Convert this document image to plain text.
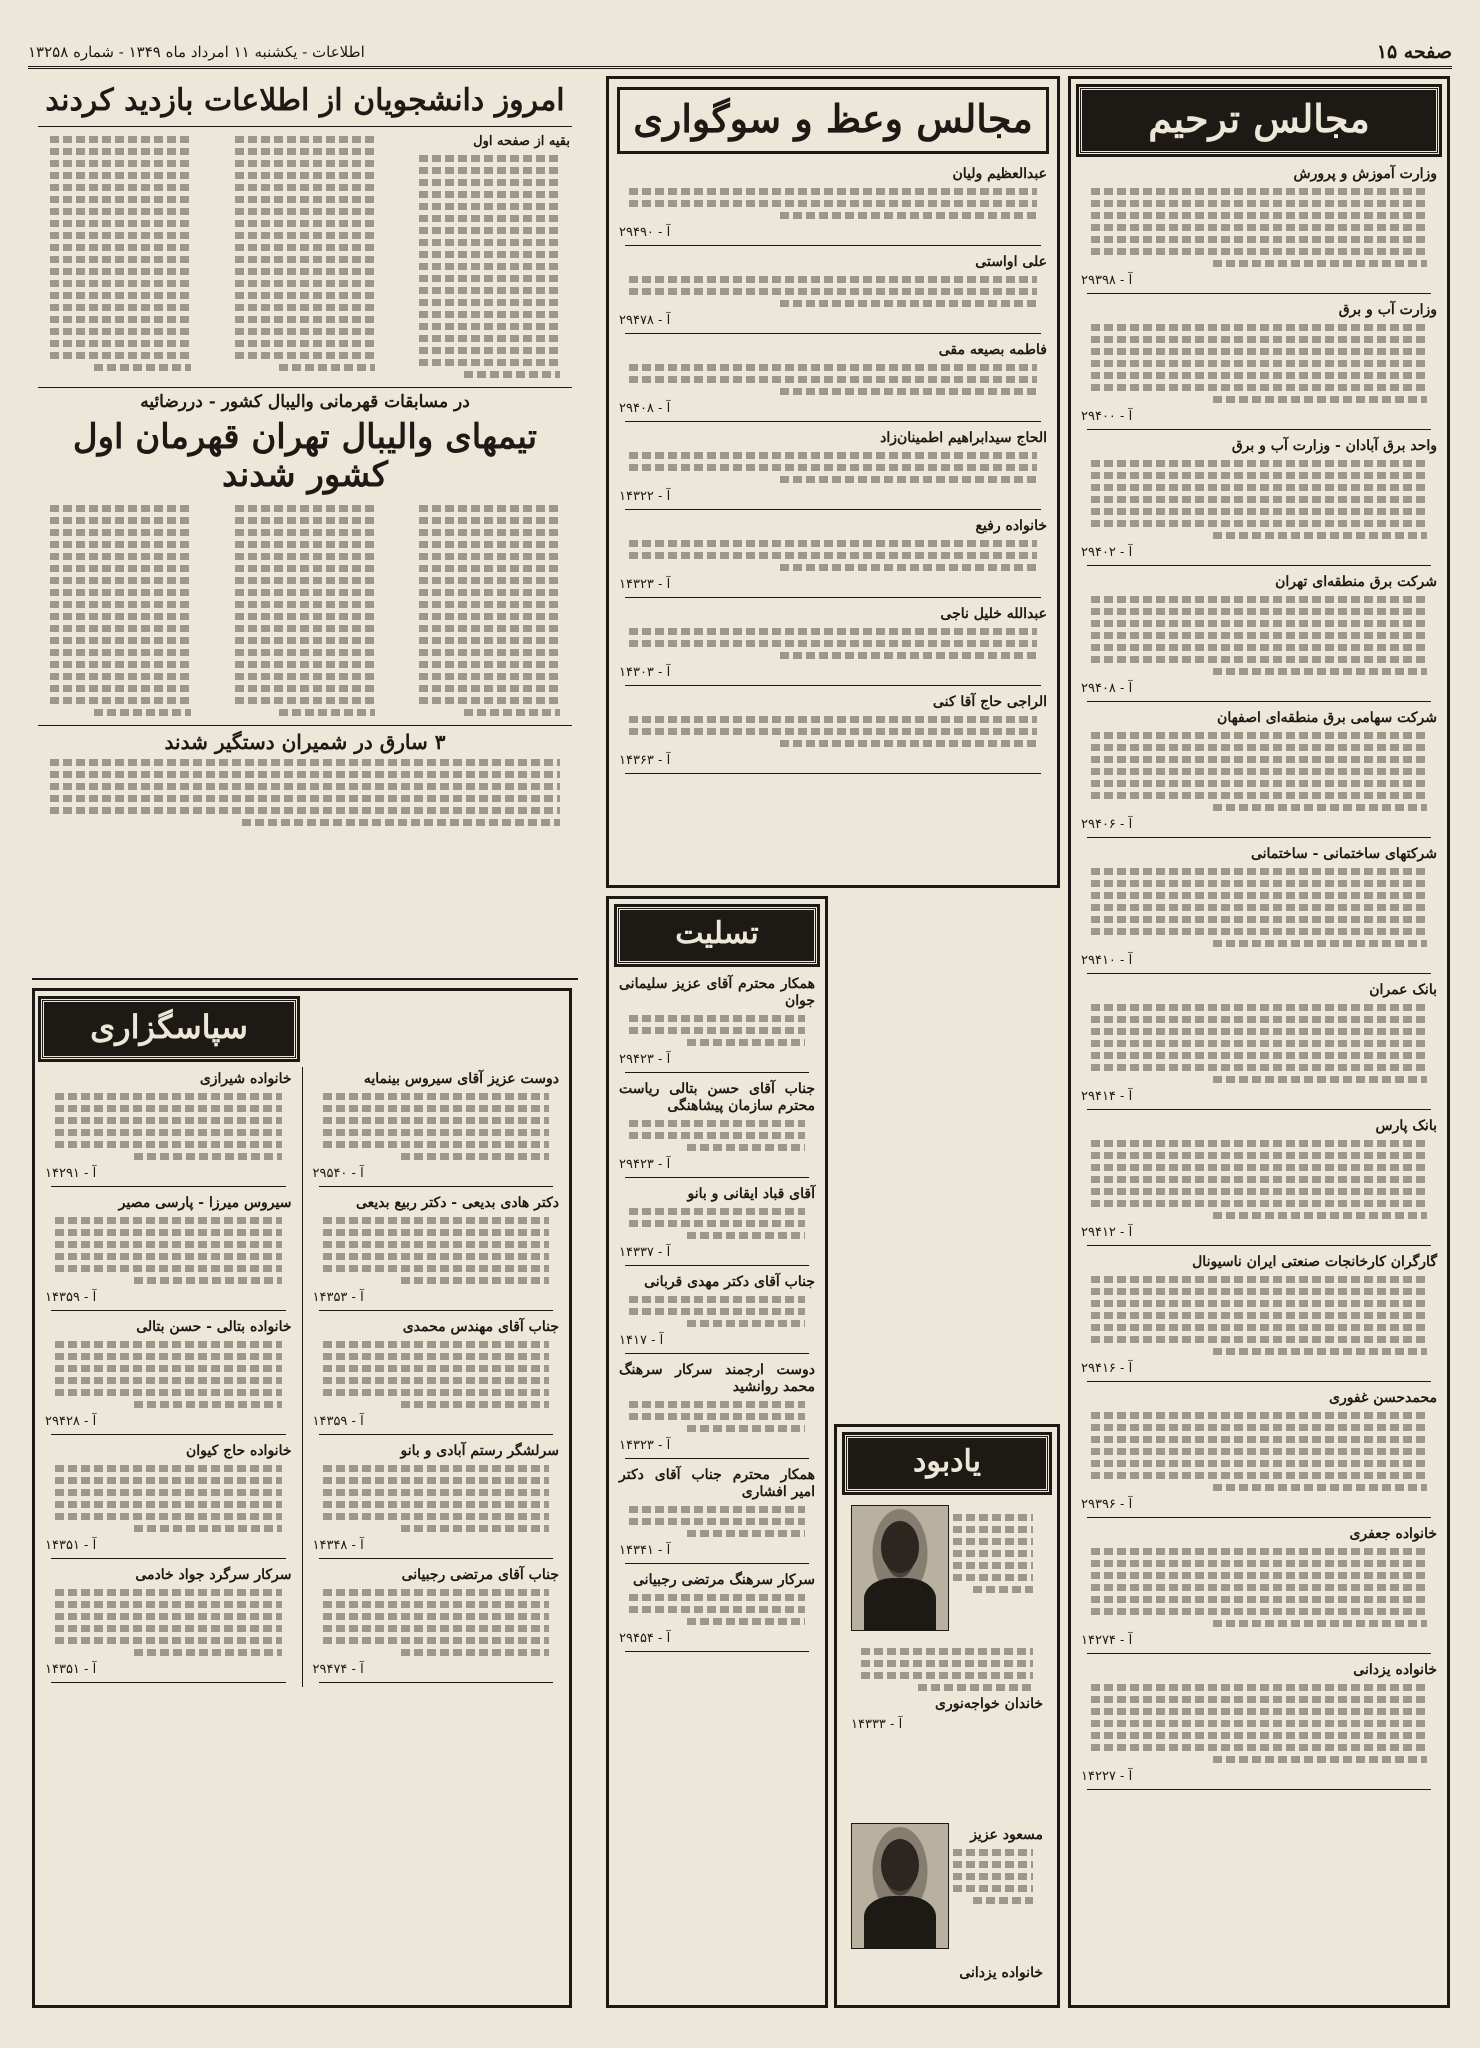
صفحه ۱۵
اطلاعات - یکشنبه ۱۱ امرداد ماه ۱۳۴۹ - شماره ۱۳۲۵۸
مجالس ترحیم

وزارت آموزش و پرورش

آ - ۲۹۳۹۸

وزارت آب و برق

آ - ۲۹۴۰۰

واحد برق آبادان - وزارت آب و برق

آ - ۲۹۴۰۲

شرکت برق منطقه‌ای تهران

آ - ۲۹۴۰۸

شرکت سهامی برق منطقه‌ای اصفهان

آ - ۲۹۴۰۶

شرکتهای ساختمانی - ساختمانی

آ - ۲۹۴۱۰

بانک عمران

آ - ۲۹۴۱۴

بانک پارس

آ - ۲۹۴۱۲

گارگران کارخانجات صنعتی ایران ناسیونال

آ - ۲۹۴۱۶

محمدحسن غفوری

آ - ۲۹۳۹۶

خانواده جعفری

آ - ۱۴۲۷۴

خانواده یزدانی

آ - ۱۴۲۲۷

مجالس وعظ و سوگواری

عبدالعظیم ولیان

آ - ۲۹۴۹۰

علی اواستی

آ - ۲۹۴۷۸

فاطمه بصیعه مقی

آ - ۲۹۴۰۸

الحاج سیدابراهیم اطمینان‌زاد

آ - ۱۴۳۲۲

خانواده رفیع

آ - ۱۴۳۲۳

عبدالله خلیل ناجی

آ - ۱۴۳۰۳

الراجی حاج آقا کنی

آ - ۱۴۳۶۳

تسلیت

همکار محترم آقای عزیز سلیمانی جوان

آ - ۲۹۴۲۳

جناب آقای حسن بتالی ریاست محترم سازمان پیشاهنگی

آ - ۲۹۴۲۳

آقای قباد ایقانی و بانو

آ - ۱۴۳۳۷

جناب آقای دکتر مهدی قربانی

آ - ۱۴۱۷

دوست ارجمند سرکار سرهنگ محمد روانشید

آ - ۱۴۳۲۳

همکار محترم جناب آقای دکتر امیر افشاری

آ - ۱۴۳۴۱

سرکار سرهنگ مرتضی رجبیانی

آ - ۲۹۴۵۴

یادبود

خاندان خواجه‌نوری

آ - ۱۴۳۳۳

مسعود عزیز

خانواده یزدانی

امروز دانشجویان از اطلاعات بازدید کردند

بقیه از صفحه اول

در مسابقات قهرمانی والیبال کشور - دررضائیه
تیمهای والیبال تهران قهرمان اول کشور شدند
۳ سارق در شمیران دستگیر شدند
سپاسگزاری

دوست عزیز آقای سیروس بینمایه

آ - ۲۹۵۴۰

دکتر هادی بدیعی - دکتر ربیع بدیعی

آ - ۱۴۳۵۳

جناب آقای مهندس محمدی

آ - ۱۴۳۵۹

سرلشگر رستم آبادی و بانو

آ - ۱۴۳۴۸

جناب آقای مرتضی رجبیانی

آ - ۲۹۴۷۴

خانواده شیرازی

آ - ۱۴۲۹۱

سیروس میرزا - پارسی مصیر

آ - ۱۴۳۵۹

خانواده بتالی - حسن بتالی

آ - ۲۹۴۲۸

خانواده حاج کیوان

آ - ۱۴۳۵۱

سرکار سرگرد جواد خادمی

آ - ۱۴۳۵۱
